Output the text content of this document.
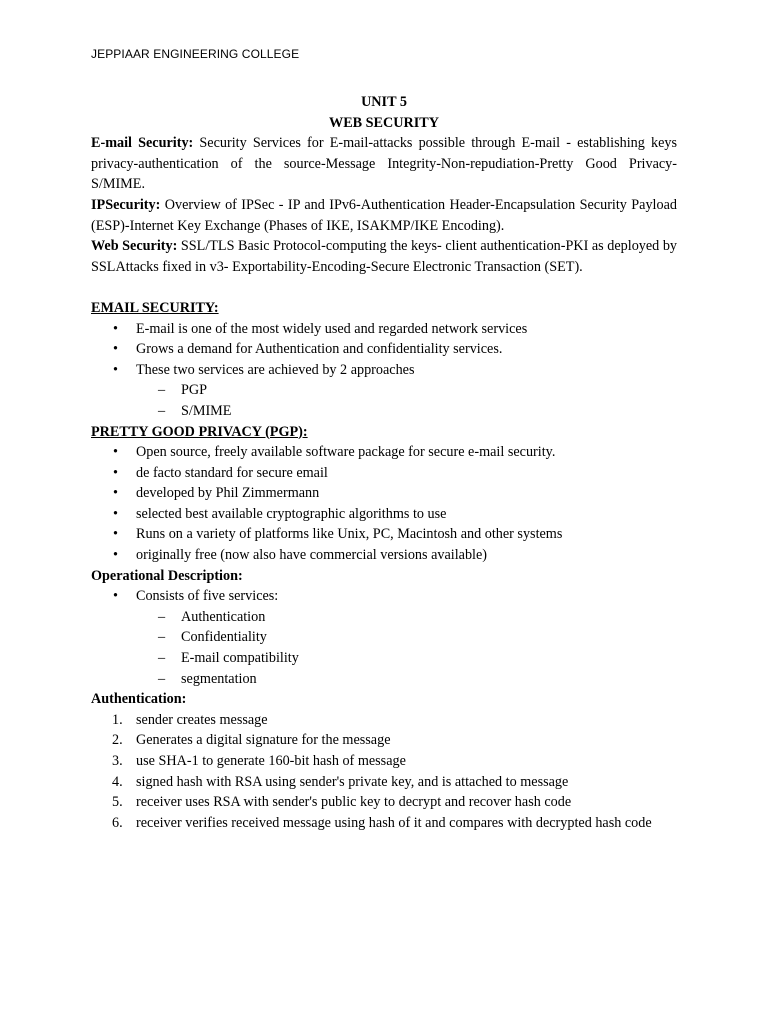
JEPPIAAR ENGINEERING COLLEGE
UNIT 5
WEB SECURITY
E-mail Security: Security Services for E-mail-attacks possible through E-mail - establishing keys privacy-authentication of the source-Message Integrity-Non-repudiation-Pretty Good Privacy-S/MIME.
IPSecurity: Overview of IPSec - IP and IPv6-Authentication Header-Encapsulation Security Payload (ESP)-Internet Key Exchange (Phases of IKE, ISAKMP/IKE Encoding).
Web Security: SSL/TLS Basic Protocol-computing the keys- client authentication-PKI as deployed by SSLAttacks fixed in v3- Exportability-Encoding-Secure Electronic Transaction (SET).
EMAIL SECURITY:
• E-mail is one of the most widely used and regarded network services
• Grows a demand for Authentication and confidentiality services.
• These two services are achieved by 2 approaches
– PGP
– S/MIME
PRETTY GOOD PRIVACY (PGP):
• Open source, freely available software package for secure e-mail security.
• de facto standard for secure email
• developed by Phil Zimmermann
• selected best available cryptographic algorithms to use
• Runs on a variety of platforms like Unix, PC, Macintosh and other systems
• originally free (now also have commercial versions available)
Operational Description:
• Consists of five services:
– Authentication
– Confidentiality
– E-mail compatibility
– segmentation
Authentication:
1. sender creates message
2. Generates a digital signature for the message
3. use SHA-1 to generate 160-bit hash of message
4. signed hash with RSA using sender's private key, and is attached to message
5. receiver uses RSA with sender's public key to decrypt and recover hash code
6. receiver verifies received message using hash of it and compares with decrypted hash code
